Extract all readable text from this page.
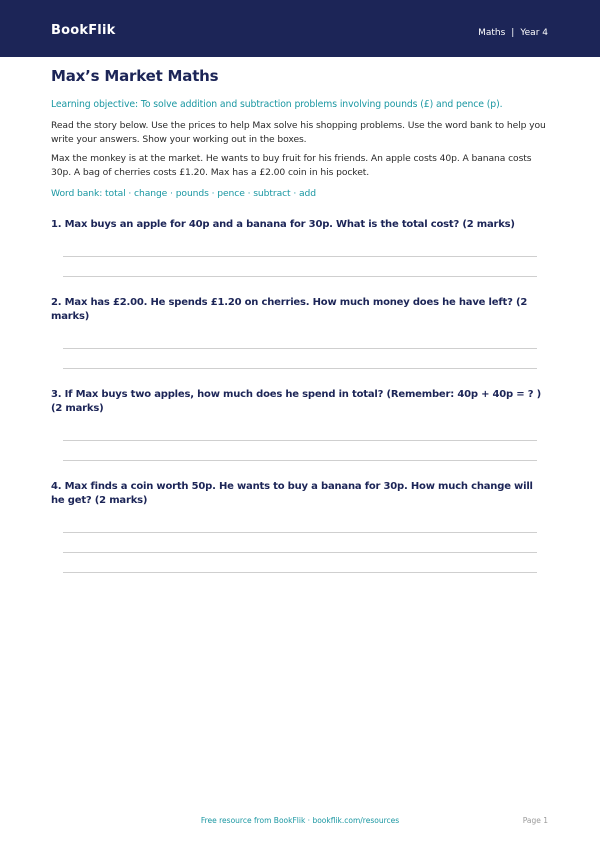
BookFlik	Maths | Year 4
Max’s Market Maths
Learning objective: To solve addition and subtraction problems involving pounds (£) and pence (p).

Read the story below. Use the prices to help Max solve his shopping problems. Use the word bank to help you write your answers. Show your working out in the boxes.

Max the monkey is at the market. He wants to buy fruit for his friends. An apple costs 40p. A banana costs 30p. A bag of cherries costs £1.20. Max has a £2.00 coin in his pocket.

Word bank: total · change · pounds · pence · subtract · add
1. Max buys an apple for 40p and a banana for 30p. What is the total cost? (2 marks)
2. Max has £2.00. He spends £1.20 on cherries. How much money does he have left? (2 marks)
3. If Max buys two apples, how much does he spend in total? (Remember: 40p + 40p = ? ) (2 marks)
4. Max finds a coin worth 50p. He wants to buy a banana for 30p. How much change will he get? (2 marks)
Free resource from BookFlik · bookflik.com/resources	Page 1
